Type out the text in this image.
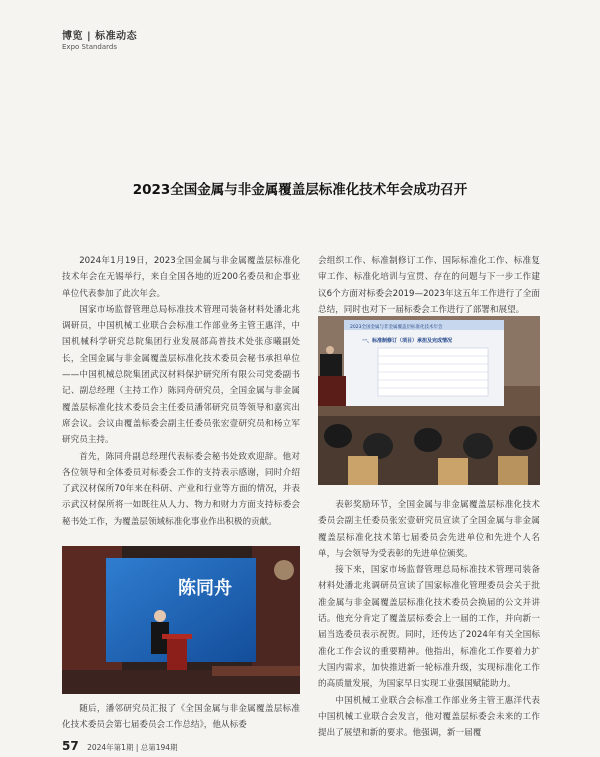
博览 | 标准动态
Expo Standards
2023全国金属与非金属覆盖层标准化技术年会成功召开

2024年1月19日，2023全国金属与非金属覆盖层标准化技术年会在无锡举行，来自全国各地的近200名委员和企事业单位代表参加了此次年会。

国家市场监督管理总局标准技术管理司装备材料处潘北兆调研员，中国机械工业联合会标准工作部业务主管王惠洋，中国机械科学研究总院集团行业发展部高普技术处张彦曦副处长，全国金属与非金属覆盖层标准化技术委员会秘书承担单位——中国机械总院集团武汉材料保护研究所有限公司党委副书记、副总经理（主持工作）陈同舟研究员，全国金属与非金属覆盖层标准化技术委员会主任委员潘邻研究员等领导和嘉宾出席会议。会议由覆盖标委会副主任委员张宏壹研究员和杨立军研究员主持。

首先，陈同舟副总经理代表标委会秘书处致欢迎辞。他对各位领导和全体委员对标委会工作的支持表示感谢，同时介绍了武汉材保所70年来在科研、产业和行业等方面的情况，并表示武汉材保所将一如既往从人力、物力和财力方面支持标委会秘书处工作，为覆盖层领域标准化事业作出积极的贡献。

陈同舟

随后，潘邻研究员汇报了《全国金属与非金属覆盖层标准化技术委员会第七届委员会工作总结》，他从标委

会组织工作、标准制修订工作、国际标准化工作、标准复审工作、标准化培训与宣贯、存在的问题与下一步工作建议6个方面对标委会2019—2023年这五年工作进行了全面总结，同时也对下一届标委会工作进行了部署和展望。

2023全国金属与非金属覆盖层标准化技术年会
一、标准制修订（项目）承担及完成情况

表彰奖励环节，全国金属与非金属覆盖层标准化技术委员会副主任委员张宏壹研究员宣读了全国金属与非金属覆盖层标准化技术第七届委员会先进单位和先进个人名单，与会领导为受表彰的先进单位颁奖。

接下来，国家市场监督管理总局标准技术管理司装备材料处潘北兆调研员宣读了国家标准化管理委员会关于批准金属与非金属覆盖层标准化技术委员会换届的公文并讲话。他充分肯定了覆盖层标委会上一届的工作，并向新一届当选委员表示祝贺。同时，还传达了2024年有关全国标准化工作会议的重要精神。他指出，标准化工作要着力扩大国内需求，加快推进新一轮标准升级，实现标准化工作的高质量发展，为国家早日实现工业强国赋能助力。

中国机械工业联合会标准工作部业务主管王惠洋代表中国机械工业联合会发言，他对覆盖层标委会未来的工作提出了展望和新的要求。他强调，新一届覆

57 2024年第1期 | 总第194期
